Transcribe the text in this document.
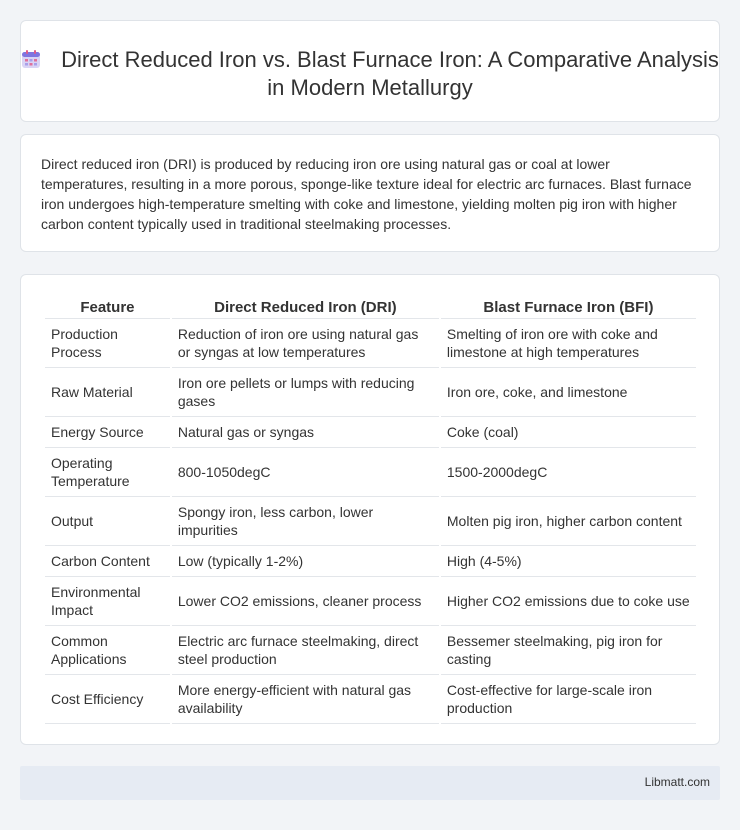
Direct Reduced Iron vs. Blast Furnace Iron: A Comparative Analysis in Modern Metallurgy

Direct reduced iron (DRI) is produced by reducing iron ore using natural gas or coal at lower temperatures, resulting in a more porous, sponge-like texture ideal for electric arc furnaces. Blast furnace iron undergoes high-temperature smelting with coke and limestone, yielding molten pig iron with higher carbon content typically used in traditional steelmaking processes.

Feature	Direct Reduced Iron (DRI)	Blast Furnace Iron (BFI)
Production Process	Reduction of iron ore using natural gas or syngas at low temperatures	Smelting of iron ore with coke and limestone at high temperatures
Raw Material	Iron ore pellets or lumps with reducing gases	Iron ore, coke, and limestone
Energy Source	Natural gas or syngas	Coke (coal)
Operating Temperature	800-1050degC	1500-2000degC
Output	Spongy iron, less carbon, lower impurities	Molten pig iron, higher carbon content
Carbon Content	Low (typically 1-2%)	High (4-5%)
Environmental Impact	Lower CO2 emissions, cleaner process	Higher CO2 emissions due to coke use
Common Applications	Electric arc furnace steelmaking, direct steel production	Bessemer steelmaking, pig iron for casting
Cost Efficiency	More energy-efficient with natural gas availability	Cost-effective for large-scale iron production
Libmatt.com
